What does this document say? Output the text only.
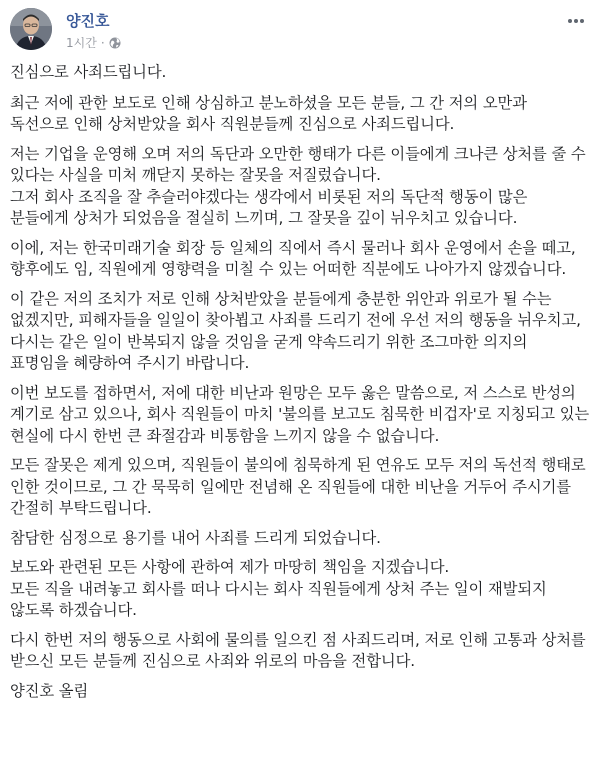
양진호
1시간 ·

진심으로 사죄드립니다.

최근 저에 관한 보도로 인해 상심하고 분노하셨을 모든 분들, 그 간 저의 오만과 독선으로 인해 상처받았을 회사 직원분들께 진심으로 사죄드립니다.

저는 기업을 운영해 오며 저의 독단과 오만한 행태가 다른 이들에게 크나큰 상처를 줄 수 있다는 사실을 미처 깨닫지 못하는 잘못을 저질렀습니다.
그저 회사 조직을 잘 추슬러야겠다는 생각에서 비롯된 저의 독단적 행동이 많은 분들에게 상처가 되었음을 절실히 느끼며, 그 잘못을 깊이 뉘우치고 있습니다.

이에, 저는 한국미래기술 회장 등 일체의 직에서 즉시 물러나 회사 운영에서 손을 떼고, 향후에도 임, 직원에게 영향력을 미칠 수 있는 어떠한 직분에도 나아가지 않겠습니다.

이 같은 저의 조치가 저로 인해 상처받았을 분들에게 충분한 위안과 위로가 될 수는 없겠지만, 피해자들을 일일이 찾아뵙고 사죄를 드리기 전에 우선 저의 행동을 뉘우치고, 다시는 같은 일이 반복되지 않을 것임을 굳게 약속드리기 위한 조그마한 의지의 표명임을 혜량하여 주시기 바랍니다.

이번 보도를 접하면서, 저에 대한 비난과 원망은 모두 옳은 말씀으로, 저 스스로 반성의 계기로 삼고 있으나, 회사 직원들이 마치 '불의를 보고도 침묵한 비겁자'로 지칭되고 있는 현실에 다시 한번 큰 좌절감과 비통함을 느끼지 않을 수 없습니다.

모든 잘못은 제게 있으며, 직원들이 불의에 침묵하게 된 연유도 모두 저의 독선적 행태로 인한 것이므로, 그 간 묵묵히 일에만 전념해 온 직원들에 대한 비난을 거두어 주시기를 간절히 부탁드립니다.

참담한 심정으로 용기를 내어 사죄를 드리게 되었습니다.

보도와 관련된 모든 사항에 관하여 제가 마땅히 책임을 지겠습니다.
모든 직을 내려놓고 회사를 떠나 다시는 회사 직원들에게 상처 주는 일이 재발되지 않도록 하겠습니다.

다시 한번 저의 행동으로 사회에 물의를 일으킨 점 사죄드리며, 저로 인해 고통과 상처를 받으신 모든 분들께 진심으로 사죄와 위로의 마음을 전합니다.

양진호 올림
